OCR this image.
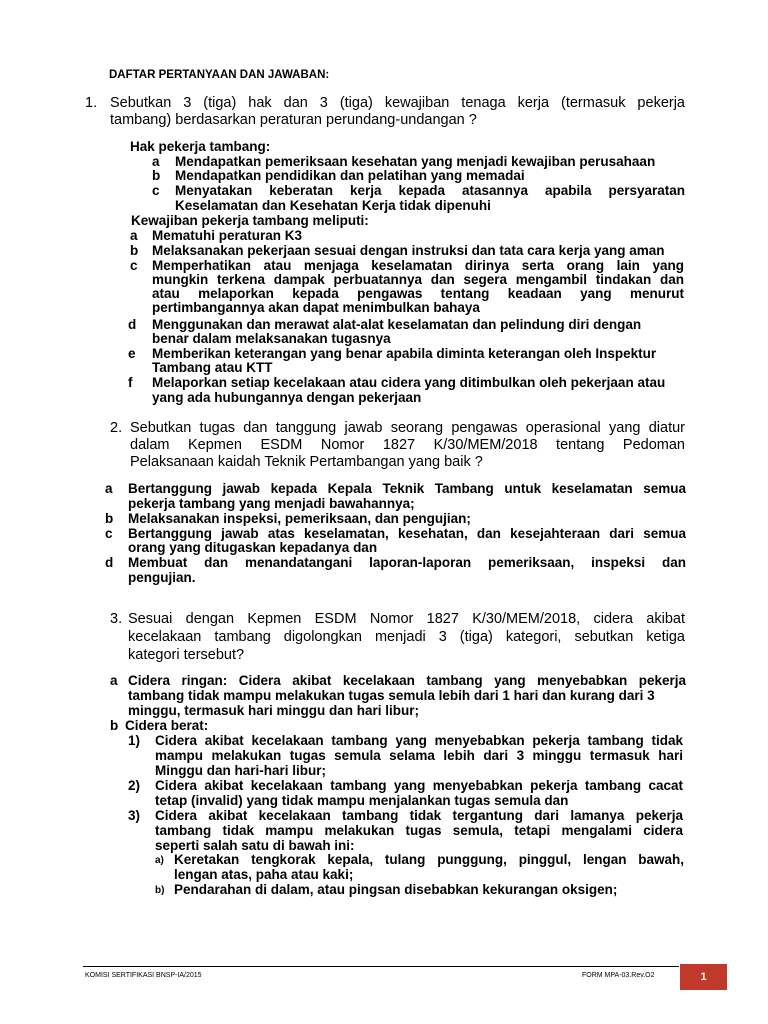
DAFTAR PERTANYAAN DAN JAWABAN:
1. Sebutkan 3 (tiga) hak dan 3 (tiga) kewajiban tenaga kerja (termasuk pekerja
tambang) berdasarkan peraturan perundang-undangan ?
Hak pekerja tambang:
a Mendapatkan pemeriksaan kesehatan yang menjadi kewajiban perusahaan
b Mendapatkan pendidikan dan pelatihan yang memadai
c Menyatakan keberatan kerja kepada atasannya apabila persyaratan
Keselamatan dan Kesehatan Kerja tidak dipenuhi
Kewajiban pekerja tambang meliputi:
a Mematuhi peraturan K3
b Melaksanakan pekerjaan sesuai dengan instruksi dan tata cara kerja yang aman
c Memperhatikan atau menjaga keselamatan dirinya serta orang lain yang
mungkin terkena dampak perbuatannya dan segera mengambil tindakan dan
atau melaporkan kepada pengawas tentang keadaan yang menurut
pertimbangannya akan dapat menimbulkan bahaya
d Menggunakan dan merawat alat-alat keselamatan dan pelindung diri dengan
benar dalam melaksanakan tugasnya
e Memberikan keterangan yang benar apabila diminta keterangan oleh Inspektur
Tambang atau KTT
f Melaporkan setiap kecelakaan atau cidera yang ditimbulkan oleh pekerjaan atau
yang ada hubungannya dengan pekerjaan
2. Sebutkan tugas dan tanggung jawab seorang pengawas operasional yang diatur
dalam Kepmen ESDM Nomor 1827 K/30/MEM/2018 tentang Pedoman
Pelaksanaan kaidah Teknik Pertambangan yang baik ?
a Bertanggung jawab kepada Kepala Teknik Tambang untuk keselamatan semua
pekerja tambang yang menjadi bawahannya;
b Melaksanakan inspeksi, pemeriksaan, dan pengujian;
c Bertanggung jawab atas keselamatan, kesehatan, dan kesejahteraan dari semua
orang yang ditugaskan kepadanya dan
d Membuat dan menandatangani laporan-laporan pemeriksaan, inspeksi dan
pengujian.
3. Sesuai dengan Kepmen ESDM Nomor 1827 K/30/MEM/2018, cidera akibat
kecelakaan tambang digolongkan menjadi 3 (tiga) kategori, sebutkan ketiga
kategori tersebut?
a Cidera ringan: Cidera akibat kecelakaan tambang yang menyebabkan pekerja
tambang tidak mampu melakukan tugas semula lebih dari 1 hari dan kurang dari 3
minggu, termasuk hari minggu dan hari libur;
b Cidera berat:
1) Cidera akibat kecelakaan tambang yang menyebabkan pekerja tambang tidak
mampu melakukan tugas semula selama lebih dari 3 minggu termasuk hari
Minggu dan hari-hari libur;
2) Cidera akibat kecelakaan tambang yang menyebabkan pekerja tambang cacat
tetap (invalid) yang tidak mampu menjalankan tugas semula dan
3) Cidera akibat kecelakaan tambang tidak tergantung dari lamanya pekerja
tambang tidak mampu melakukan tugas semula, tetapi mengalami cidera
seperti salah satu di bawah ini:
a) Keretakan tengkorak kepala, tulang punggung, pinggul, lengan bawah,
lengan atas, paha atau kaki;
b) Pendarahan di dalam, atau pingsan disebabkan kekurangan oksigen;
KOMISI SERTIFIKASI BNSP-IA/2015	FORM MPA-03.Rev.O2	1
